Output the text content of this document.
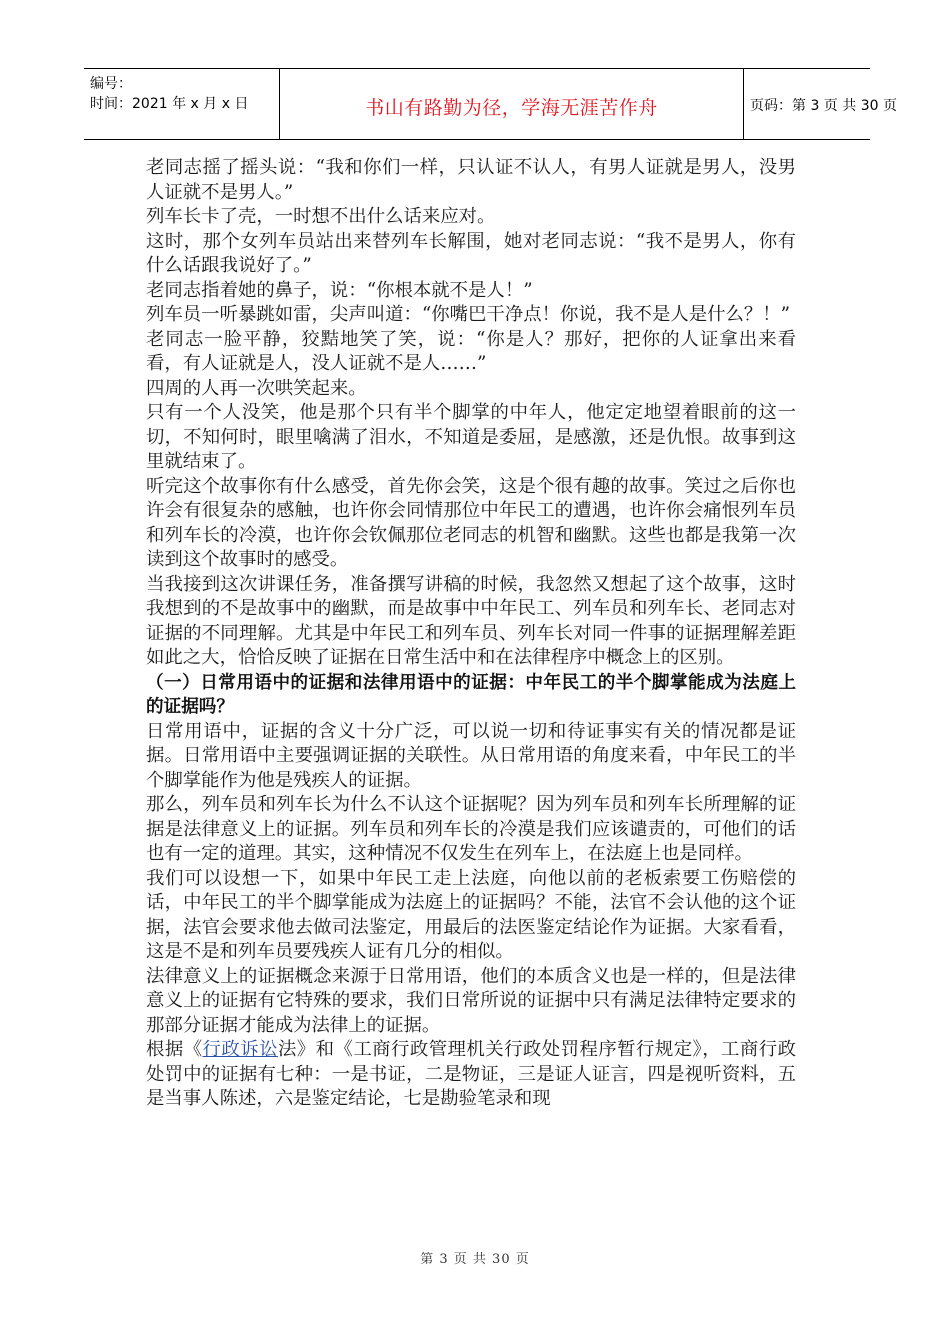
编号：
时间：2021 年 x 月 x 日	书山有路勤为径，学海无涯苦作舟	页码：第 3 页 共 30 页

老同志摇了摇头说：“我和你们一样，只认证不认人，有男人证就是男人，没男人证就不是男人。”

列车长卡了壳，一时想不出什么话来应对。

这时，那个女列车员站出来替列车长解围，她对老同志说：“我不是男人，你有什么话跟我说好了。”

老同志指着她的鼻子，说：“你根本就不是人！”

列车员一听暴跳如雷，尖声叫道：“你嘴巴干净点！你说，我不是人是什么？！”

老同志一脸平静，狡黠地笑了笑，说：“你是人？那好，把你的人证拿出来看看，有人证就是人，没人证就不是人……”

四周的人再一次哄笑起来。

只有一个人没笑，他是那个只有半个脚掌的中年人，他定定地望着眼前的这一切，不知何时，眼里噙满了泪水，不知道是委屈，是感激，还是仇恨。故事到这里就结束了。

听完这个故事你有什么感受，首先你会笑，这是个很有趣的故事。笑过之后你也许会有很复杂的感触，也许你会同情那位中年民工的遭遇，也许你会痛恨列车员和列车长的冷漠，也许你会钦佩那位老同志的机智和幽默。这些也都是我第一次读到这个故事时的感受。

当我接到这次讲课任务，准备撰写讲稿的时候，我忽然又想起了这个故事，这时我想到的不是故事中的幽默，而是故事中中年民工、列车员和列车长、老同志对证据的不同理解。尤其是中年民工和列车员、列车长对同一件事的证据理解差距如此之大，恰恰反映了证据在日常生活中和在法律程序中概念上的区别。

（一）日常用语中的证据和法律用语中的证据：中年民工的半个脚掌能成为法庭上的证据吗？

日常用语中，证据的含义十分广泛，可以说一切和待证事实有关的情况都是证据。日常用语中主要强调证据的关联性。从日常用语的角度来看，中年民工的半个脚掌能作为他是残疾人的证据。

那么，列车员和列车长为什么不认这个证据呢？因为列车员和列车长所理解的证据是法律意义上的证据。列车员和列车长的冷漠是我们应该谴责的，可他们的话也有一定的道理。其实，这种情况不仅发生在列车上，在法庭上也是同样。

我们可以设想一下，如果中年民工走上法庭，向他以前的老板索要工伤赔偿的话，中年民工的半个脚掌能成为法庭上的证据吗？不能，法官不会认他的这个证据，法官会要求他去做司法鉴定，用最后的法医鉴定结论作为证据。大家看看，这是不是和列车员要残疾人证有几分的相似。

法律意义上的证据概念来源于日常用语，他们的本质含义也是一样的，但是法律意义上的证据有它特殊的要求，我们日常所说的证据中只有满足法律特定要求的那部分证据才能成为法律上的证据。

根据《行政诉讼法》和《工商行政管理机关行政处罚程序暂行规定》，工商行政处罚中的证据有七种：一是书证，二是物证，三是证人证言，四是视听资料，五是当事人陈述，六是鉴定结论，七是勘验笔录和现

第 3 页 共 30 页
